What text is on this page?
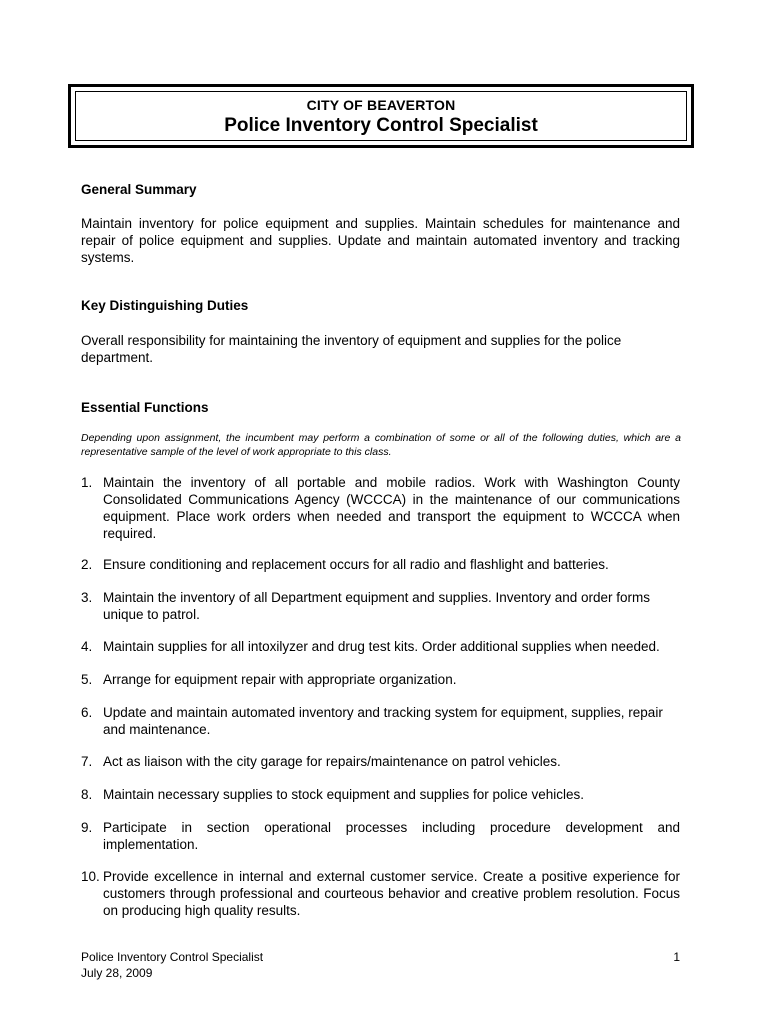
CITY OF BEAVERTON
Police Inventory Control Specialist
General Summary
Maintain inventory for police equipment and supplies. Maintain schedules for maintenance and repair of police equipment and supplies. Update and maintain automated inventory and tracking systems.
Key Distinguishing Duties
Overall responsibility for maintaining the inventory of equipment and supplies for the police department.
Essential Functions
Depending upon assignment, the incumbent may perform a combination of some or all of the following duties, which are a representative sample of the level of work appropriate to this class.
1. Maintain the inventory of all portable and mobile radios. Work with Washington County Consolidated Communications Agency (WCCCA) in the maintenance of our communications equipment. Place work orders when needed and transport the equipment to WCCCA when required.
2. Ensure conditioning and replacement occurs for all radio and flashlight and batteries.
3. Maintain the inventory of all Department equipment and supplies. Inventory and order forms unique to patrol.
4. Maintain supplies for all intoxilyzer and drug test kits. Order additional supplies when needed.
5. Arrange for equipment repair with appropriate organization.
6. Update and maintain automated inventory and tracking system for equipment, supplies, repair and maintenance.
7. Act as liaison with the city garage for repairs/maintenance on patrol vehicles.
8. Maintain necessary supplies to stock equipment and supplies for police vehicles.
9. Participate in section operational processes including procedure development and implementation.
10. Provide excellence in internal and external customer service. Create a positive experience for customers through professional and courteous behavior and creative problem resolution. Focus on producing high quality results.
Police Inventory Control Specialist
July 28, 2009
1
